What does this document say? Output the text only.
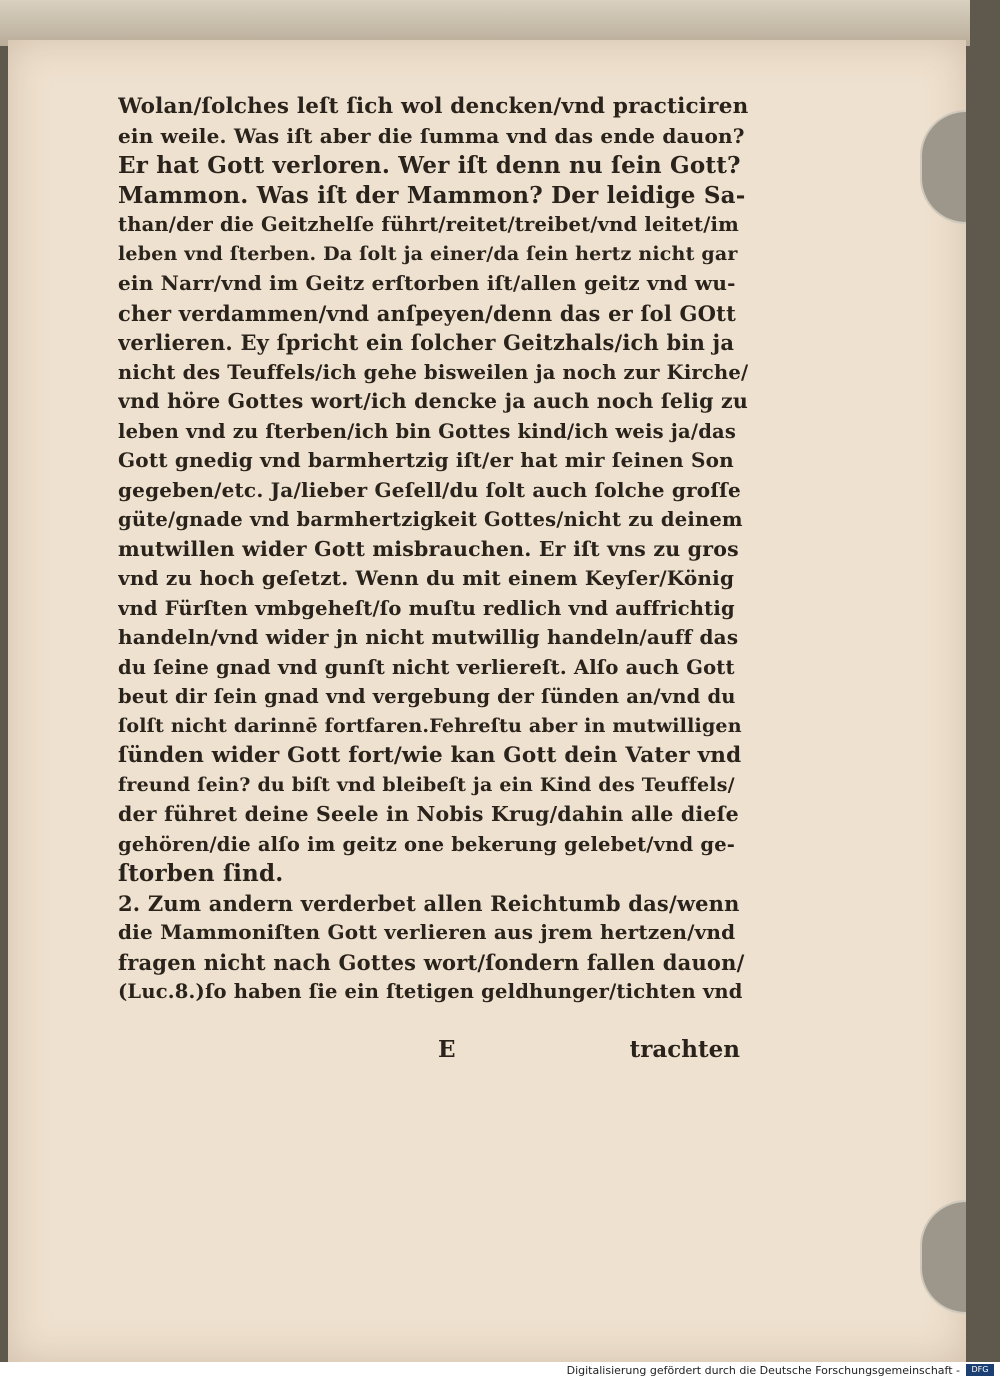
Wolan/ſolches leſt ſich wol dencken/vnd practiciren
ein weile. Was iſt aber die ſumma vnd das ende dauon?
Er hat Gott verloren. Wer iſt denn nu ſein Gott?
Mammon. Was iſt der Mammon? Der leidige Sa-
than/der die Geitzhelſe führt/reitet/treibet/vnd leitet/im
leben vnd ſterben. Da ſolt ja einer/da ſein hertz nicht gar
ein Narr/vnd im Geitz erſtorben iſt/allen geitz vnd wu-
cher verdammen/vnd anſpeyen/denn das er ſol GOtt
verlieren. Ey ſpricht ein ſolcher Geitzhals/ich bin ja
nicht des Teuffels/ich gehe bisweilen ja noch zur Kirche/
vnd höre Gottes wort/ich dencke ja auch noch ſelig zu
leben vnd zu ſterben/ich bin Gottes kind/ich weis ja/das
Gott gnedig vnd barmhertzig iſt/er hat mir ſeinen Son
gegeben/etc. Ja/lieber Geſell/du ſolt auch ſolche groſſe
güte/gnade vnd barmhertzigkeit Gottes/nicht zu deinem
mutwillen wider Gott misbrauchen. Er iſt vns zu gros
vnd zu hoch geſetzt. Wenn du mit einem Keyſer/König
vnd Fürſten vmbgeheſt/ſo muſtu redlich vnd auffrichtig
handeln/vnd wider jn nicht mutwillig handeln/auff das
du ſeine gnad vnd gunſt nicht verliereſt. Alſo auch Gott
beut dir ſein gnad vnd vergebung der ſünden an/vnd du
ſolſt nicht darinnē fortfaren.Fehreſtu aber in mutwilligen
ſünden wider Gott fort/wie kan Gott dein Vater vnd
freund ſein? du biſt vnd bleibeſt ja ein Kind des Teuffels/
der führet deine Seele in Nobis Krug/dahin alle dieſe
gehören/die alſo im geitz one bekerung gelebet/vnd ge-
ſtorben ſind.
2. Zum andern verderbet allen Reichtumb das/wenn
die Mammoniſten Gott verlieren aus jrem hertzen/vnd
fragen nicht nach Gottes wort/ſondern fallen dauon/
(Luc.8.)ſo haben ſie ein ſtetigen geldhunger/tichten vnd
E	trachten
Digitalisierung gefördert durch die Deutsche Forschungsgemeinschaft -	DFG
